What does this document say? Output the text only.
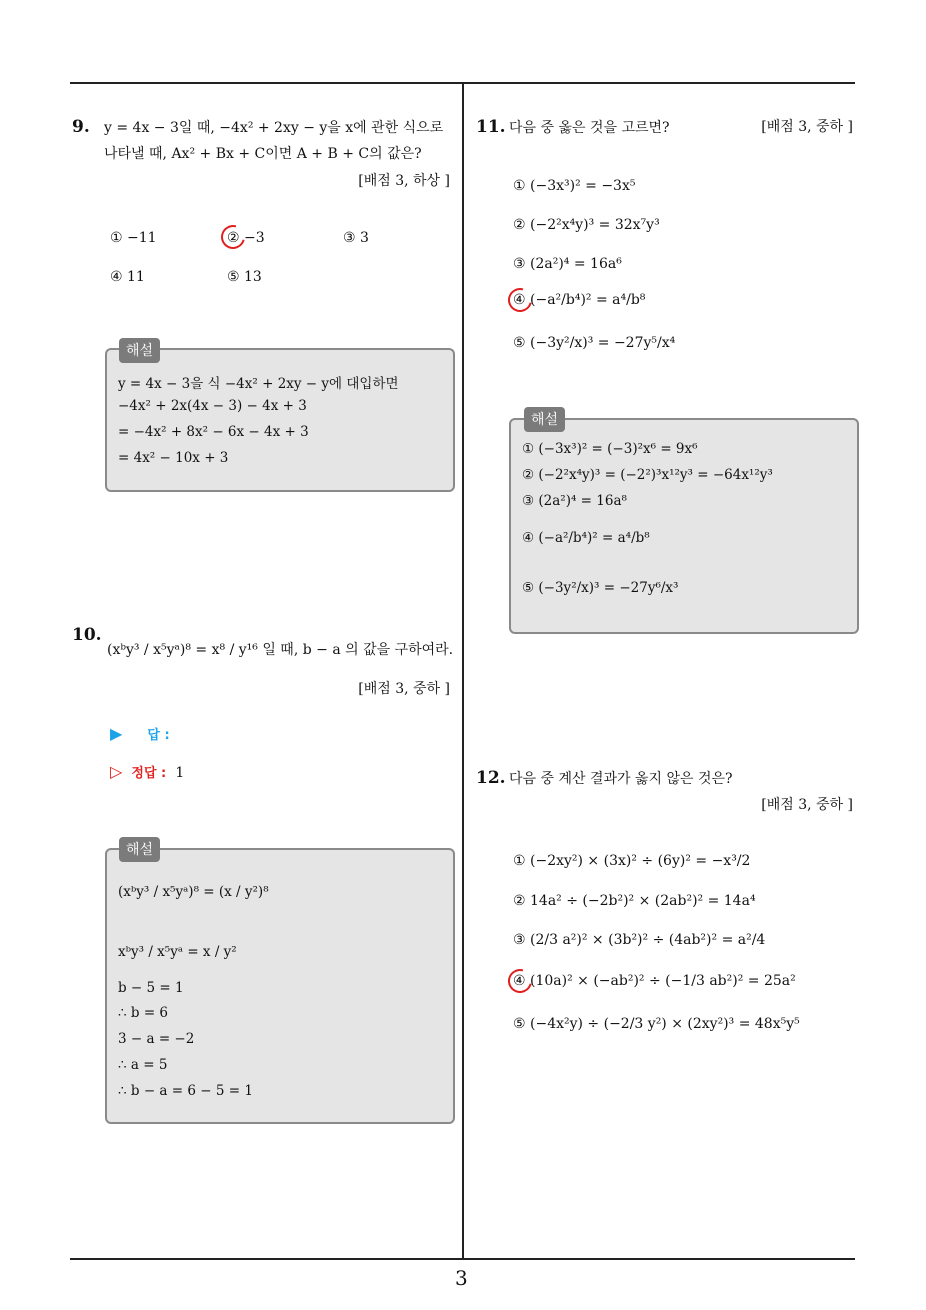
3
9. y = 4x − 3일 때, −4x² + 2xy − y을 x에 관한 식으로
나타낼 때, Ax² + Bx + C이면 A + B + C의 값은?
[배점 3, 하상 ]
① −11	② −3	③ 3
④ 11	⑤ 13
해설
y = 4x − 3을 식 −4x² + 2xy − y에 대입하면
−4x² + 2x(4x − 3) − 4x + 3
= −4x² + 8x² − 6x − 4x + 3
= 4x² − 10x + 3
10.
(xᵇy³ / x⁵yᵃ)⁸ = x⁸ / y¹⁶ 일 때, b − a 의 값을 구하여라.
[배점 3, 중하 ]
▶ 답 :
▷ 정답 : 1
해설
(xᵇy³ / x⁵yᵃ)⁸ = (x / y²)⁸
xᵇy³ / x⁵yᵃ = x / y²
b − 5 = 1
∴ b = 6
3 − a = −2
∴ a = 5
∴ b − a = 6 − 5 = 1
11. 다음 중 옳은 것을 고르면?	[배점 3, 중하 ]
① (−3x³)² = −3x⁵
② (−2²x⁴y)³ = 32x⁷y³
③ (2a²)⁴ = 16a⁶
④ (−a²/b⁴)² = a⁴/b⁸
⑤ (−3y²/x)³ = −27y⁵/x⁴
해설
① (−3x³)² = (−3)²x⁶ = 9x⁶
② (−2²x⁴y)³ = (−2²)³x¹²y³ = −64x¹²y³
③ (2a²)⁴ = 16a⁸
④ (−a²/b⁴)² = a⁴/b⁸
⑤ (−3y²/x)³ = −27y⁶/x³
12. 다음 중 계산 결과가 옳지 않은 것은?
[배점 3, 중하 ]
① (−2xy²) × (3x)² ÷ (6y)² = −x³/2
② 14a² ÷ (−2b²)² × (2ab²)² = 14a⁴
③ (2/3 a²)² × (3b²)² ÷ (4ab²)² = a²/4
④ (10a)² × (−ab²)² ÷ (−1/3 ab²)² = 25a²
⑤ (−4x²y) ÷ (−2/3 y²) × (2xy²)³ = 48x⁵y⁵
